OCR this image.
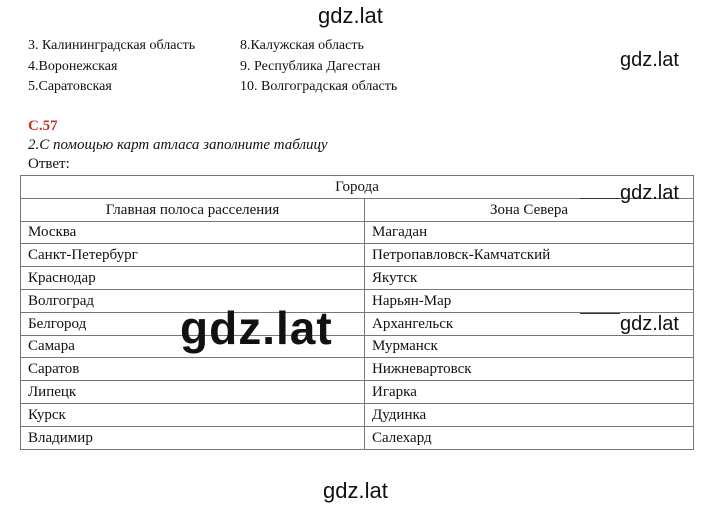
gdz.lat
3. Калининградская область	8.Калужская область
4.Воронежская	9. Республика Дагестан
5.Саратовская	10. Волгоградская область
gdz.lat
С.57
2.С помощью карт атласа заполните таблицу
Ответ:
Города	
Главная полоса расселения	Зона Севера
Москва	Магадан
Санкт-Петербург	Петропавловск-Камчатский
Краснодар	Якутск
Волгоград	Нарьян-Мар
Белгород	Архангельск
Самара	Мурманск
Саратов	Нижневартовск
Липецк	Игарка
Курск	Дудинка
Владимир	Салехард
gdz.lat
gdz.lat
gdz.lat
gdz.lat
